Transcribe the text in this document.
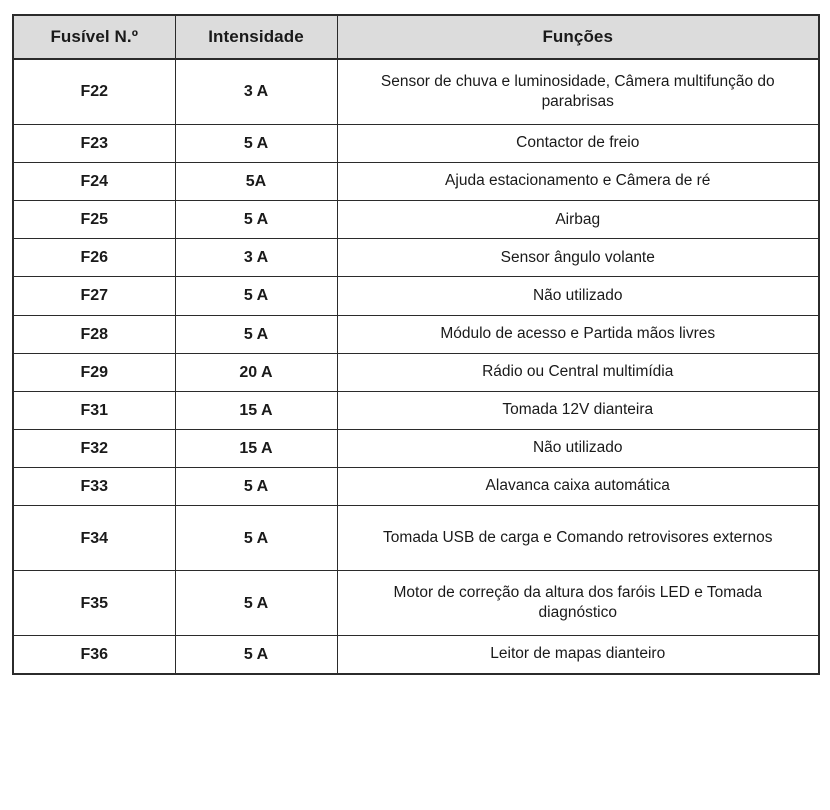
Fusível N.º	Intensidade	Funções
F22	3 A	Sensor de chuva e luminosidade, Câmera multifunção do parabrisas
F23	5 A	Contactor de freio
F24	5A	Ajuda estacionamento e Câmera de ré
F25	5 A	Airbag
F26	3 A	Sensor ângulo volante
F27	5 A	Não utilizado
F28	5 A	Módulo de acesso e Partida mãos livres
F29	20 A	Rádio ou Central multimídia
F31	15 A	Tomada 12V dianteira
F32	15 A	Não utilizado
F33	5 A	Alavanca caixa automática
F34	5 A	Tomada USB de carga e Comando retrovisores externos
F35	5 A	Motor de correção da altura dos faróis LED e Tomada diagnóstico
F36	5 A	Leitor de mapas dianteiro
